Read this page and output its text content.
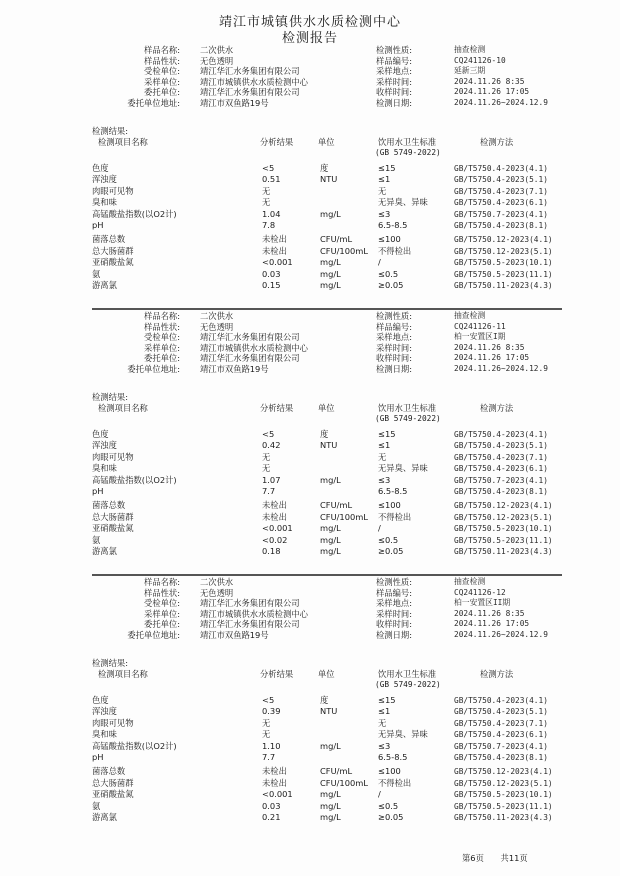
靖江市城镇供水水质检测中心
检测报告
样品名称: 二次供水	检测性质:	抽查检测
样品性状: 无色透明	样品编号:	CQ241126-10
受检单位: 靖江华汇水务集团有限公司	采样地点:	延新三期
采样单位: 靖江市城镇供水水质检测中心	采样时间:	2024.11.26 8:35
委托单位: 靖江华汇水务集团有限公司	收样时间:	2024.11.26 17:05
委托单位地址: 靖江市双鱼路19号	检测日期:	2024.11.26~2024.12.9
检测结果:
检测项目名称	分析结果	单位	饮用水卫生标准
(GB 5749-2022)
检测方法
色度	<5	度	≤15	GB/T5750.4-2023(4.1)
浑浊度	0.51	NTU	≤1	GB/T5750.4-2023(5.1)
肉眼可见物	无	无	GB/T5750.4-2023(7.1)
臭和味	无	无异臭、异味	GB/T5750.4-2023(6.1)
高锰酸盐指数(以O2计)	1.04	mg/L	≤3	GB/T5750.7-2023(4.1)
pH	7.8	6.5-8.5	GB/T5750.4-2023(8.1)
菌落总数	未检出	CFU/mL	≤100	GB/T5750.12-2023(4.1)
总大肠菌群	未检出	CFU/100mL 不得检出	GB/T5750.12-2023(5.1)
亚硝酸盐氮	<0.001	mg/L	/	GB/T5750.5-2023(10.1)
氨	0.03	mg/L	≤0.5	GB/T5750.5-2023(11.1)
游离氯	0.15	mg/L	≥0.05	GB/T5750.11-2023(4.3)
样品名称: 二次供水	检测性质:	抽查检测
样品性状: 无色透明	样品编号:	CQ241126-11
受检单位: 靖江华汇水务集团有限公司	采样地点:	柏一安置区I期
采样单位: 靖江市城镇供水水质检测中心	采样时间:	2024.11.26 8:35
委托单位: 靖江华汇水务集团有限公司	收样时间:	2024.11.26 17:05
委托单位地址: 靖江市双鱼路19号	检测日期:	2024.11.26~2024.12.9
检测结果:
检测项目名称	分析结果	单位	饮用水卫生标准
(GB 5749-2022)
检测方法
色度	<5	度	≤15	GB/T5750.4-2023(4.1)
浑浊度	0.42	NTU	≤1	GB/T5750.4-2023(5.1)
肉眼可见物	无	无	GB/T5750.4-2023(7.1)
臭和味	无	无异臭、异味	GB/T5750.4-2023(6.1)
高锰酸盐指数(以O2计)	1.07	mg/L	≤3	GB/T5750.7-2023(4.1)
pH	7.7	6.5-8.5	GB/T5750.4-2023(8.1)
菌落总数	未检出	CFU/mL	≤100	GB/T5750.12-2023(4.1)
总大肠菌群	未检出	CFU/100mL 不得检出	GB/T5750.12-2023(5.1)
亚硝酸盐氮	<0.001	mg/L	/	GB/T5750.5-2023(10.1)
氨	<0.02	mg/L	≤0.5	GB/T5750.5-2023(11.1)
游离氯	0.18	mg/L	≥0.05	GB/T5750.11-2023(4.3)
样品名称: 二次供水	检测性质:	抽查检测
样品性状: 无色透明	样品编号:	CQ241126-12
受检单位: 靖江华汇水务集团有限公司	采样地点:	柏一安置区II期
采样单位: 靖江市城镇供水水质检测中心	采样时间:	2024.11.26 8:35
委托单位: 靖江华汇水务集团有限公司	收样时间:	2024.11.26 17:05
委托单位地址: 靖江市双鱼路19号	检测日期:	2024.11.26~2024.12.9
检测结果:
检测项目名称	分析结果	单位	饮用水卫生标准
(GB 5749-2022)
检测方法
色度	<5	度	≤15	GB/T5750.4-2023(4.1)
浑浊度	0.39	NTU	≤1	GB/T5750.4-2023(5.1)
肉眼可见物	无	无	GB/T5750.4-2023(7.1)
臭和味	无	无异臭、异味	GB/T5750.4-2023(6.1)
高锰酸盐指数(以O2计)	1.10	mg/L	≤3	GB/T5750.7-2023(4.1)
pH	7.7	6.5-8.5	GB/T5750.4-2023(8.1)
菌落总数	未检出	CFU/mL	≤100	GB/T5750.12-2023(4.1)
总大肠菌群	未检出	CFU/100mL 不得检出	GB/T5750.12-2023(5.1)
亚硝酸盐氮	<0.001	mg/L	/	GB/T5750.5-2023(10.1)
氨	0.03	mg/L	≤0.5	GB/T5750.5-2023(11.1)
游离氯	0.21	mg/L	≥0.05	GB/T5750.11-2023(4.3)
第6页 共11页
